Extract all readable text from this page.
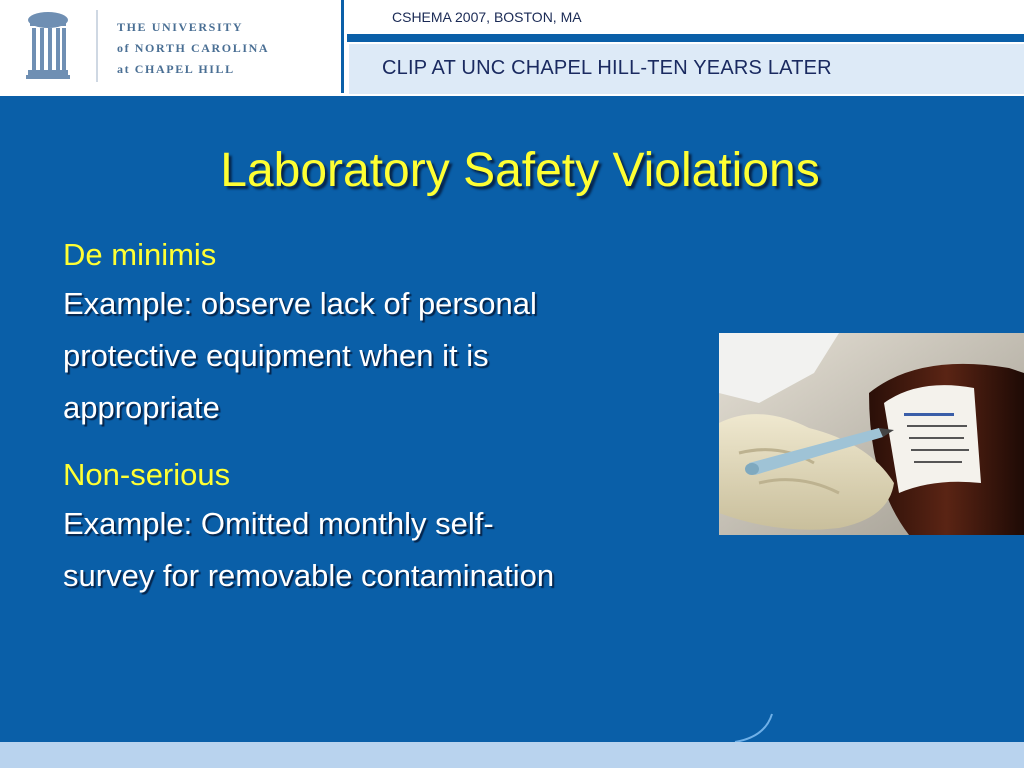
THE UNIVERSITY
of NORTH CAROLINA
at CHAPEL HILL
CSHEMA 2007, BOSTON, MA
CLIP AT UNC CHAPEL HILL-TEN YEARS LATER
Laboratory Safety Violations
De minimis
Example: observe lack of personal
protective equipment when it is
appropriate
Non-serious
Example: Omitted monthly self-
survey for removable contamination
